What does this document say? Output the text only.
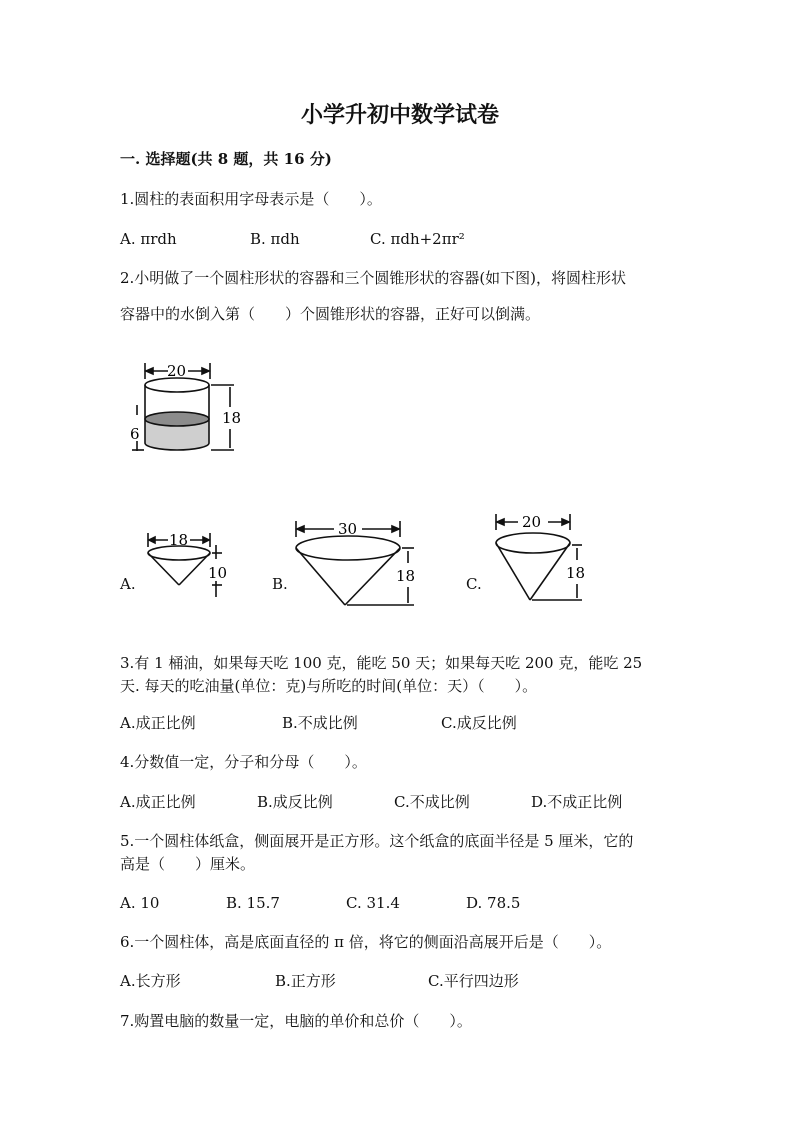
小学升初中数学试卷
一. 选择题(共 8 题，共 16 分)
1.圆柱的表面积用字母表示是（　　）。
A. πrdh	B. πdh	C. πdh+2πr²
2.小明做了一个圆柱形状的容器和三个圆锥形状的容器(如下图)，将圆柱形状
容器中的水倒入第（　　）个圆锥形状的容器，正好可以倒满。
20
18
6
A.
18
10
B.
30
18	C.
20
18
3.有 1 桶油，如果每天吃 100 克，能吃 50 天；如果每天吃 200 克，能吃 25
天. 每天的吃油量(单位：克)与所吃的时间(单位：天）（　　）。
A.成正比例	B.不成比例	C.成反比例
4.分数值一定，分子和分母（　　）。
A.成正比例	B.成反比例	C.不成比例	D.不成正比例
5.一个圆柱体纸盒，侧面展开是正方形。这个纸盒的底面半径是 5 厘米，它的
高是（　　）厘米。
A. 10	B. 15.7	C. 31.4	D. 78.5
6.一个圆柱体，高是底面直径的 π 倍，将它的侧面沿高展开后是（　　）。
A.长方形	B.正方形	C.平行四边形
7.购置电脑的数量一定，电脑的单价和总价（　　）。
